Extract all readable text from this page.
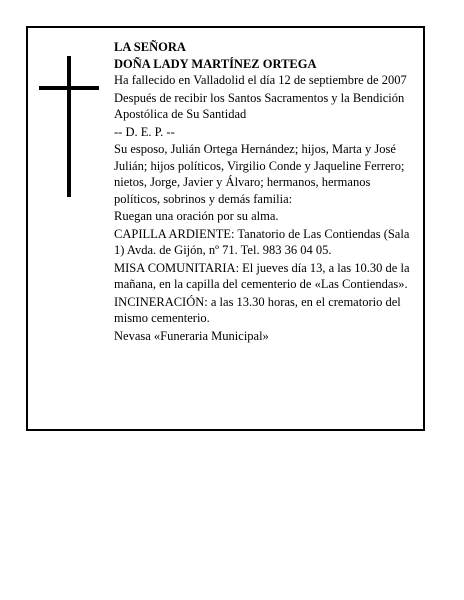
LA SEÑORA

DOÑA LADY MARTÍNEZ ORTEGA

Ha fallecido en Valladolid el día 12 de septiembre de 2007

Después de recibir los Santos Sacramentos y la Bendición Apostólica de Su Santidad

-- D. E. P. --

Su esposo, Julián Ortega Hernández; hijos, Marta y José Julián; hijos políticos, Virgilio Conde y Jaqueline Ferrero; nietos, Jorge, Javier y Álvaro; hermanos, hermanos políticos, sobrinos y demás familia:

Ruegan una oración por su alma.

CAPILLA ARDIENTE: Tanatorio de Las Contiendas (Sala 1) Avda. de Gijón, nº 71. Tel. 983 36 04 05.

MISA COMUNITARIA: El jueves día 13, a las 10.30 de la mañana, en la capilla del cementerio de «Las Contiendas».

INCINERACIÓN: a las 13.30 horas, en el crematorio del mismo cementerio.

Nevasa «Funeraria Municipal»
